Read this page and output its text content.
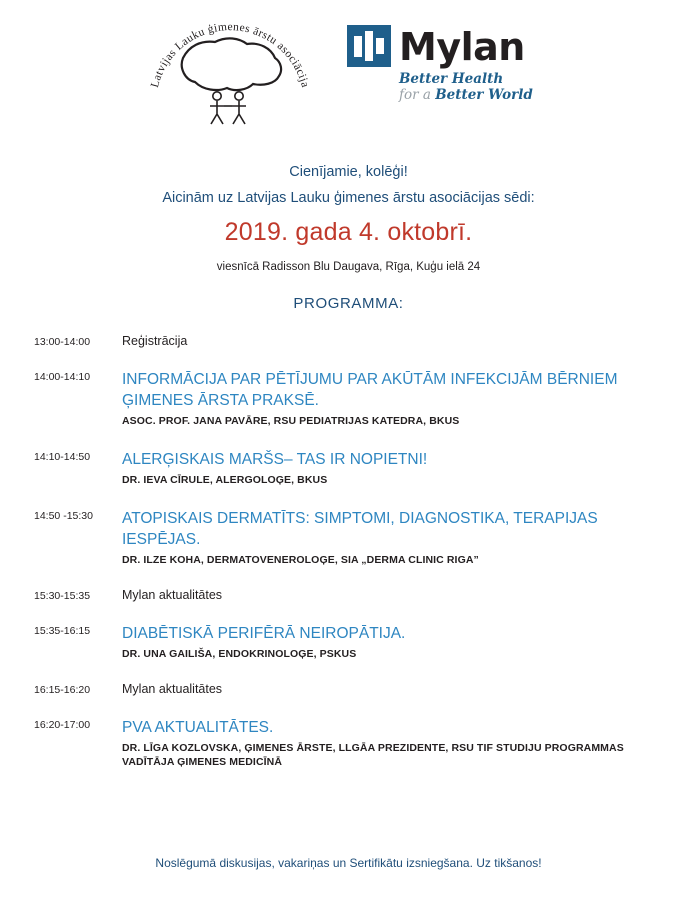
Latvijas Lauku ģimenes ārstu asociācija
Mylan
Better Health
for a Better World
Cienījamie, kolēģi!
Aicinām uz Latvijas Lauku ģimenes ārstu asociācijas sēdi:
2019. gada 4. oktobrī.
viesnīcā Radisson Blu Daugava, Rīga, Kuģu ielā 24
PROGRAMMA:
13:00-14:00	Reģistrācija
14:00-14:10	INFORMĀCIJA PAR PĒTĪJUMU PAR AKŪTĀM INFEKCIJĀM BĒRNIEM ĢIMENES ĀRSTA PRAKSĒ.
ASOC. PROF. JANA PAVĀRE, RSU PEDIATRIJAS KATEDRA, BKUS
14:10-14:50	ALERĢISKAIS MARŠS– TAS IR NOPIETNI!
DR. IEVA CĪRULE, ALERGOLOĢE, BKUS
14:50 -15:30	ATOPISKAIS DERMATĪTS: SIMPTOMI, DIAGNOSTIKA, TERAPIJAS IESPĒJAS.
DR. ILZE KOHA, DERMATOVENEROLOĢE, SIA „DERMA CLINIC RIGA”
15:30-15:35	Mylan aktualitātes
15:35-16:15	DIABĒTISKĀ PERIFĒRĀ NEIROPĀTIJA.
DR. UNA GAILIŠA, ENDOKRINOLOĢE, PSKUS
16:15-16:20	Mylan aktualitātes
16:20-17:00	PVA AKTUALITĀTES.
DR. LĪGA KOZLOVSKA, ĢIMENES ĀRSTE, LLGĀA PREZIDENTE, RSU TIF STUDIJU PROGRAMMAS VADĪTĀJA ĢIMENES MEDICĪNĀ
Noslēgumā diskusijas, vakariņas un Sertifikātu izsniegšana. Uz tikšanos!
